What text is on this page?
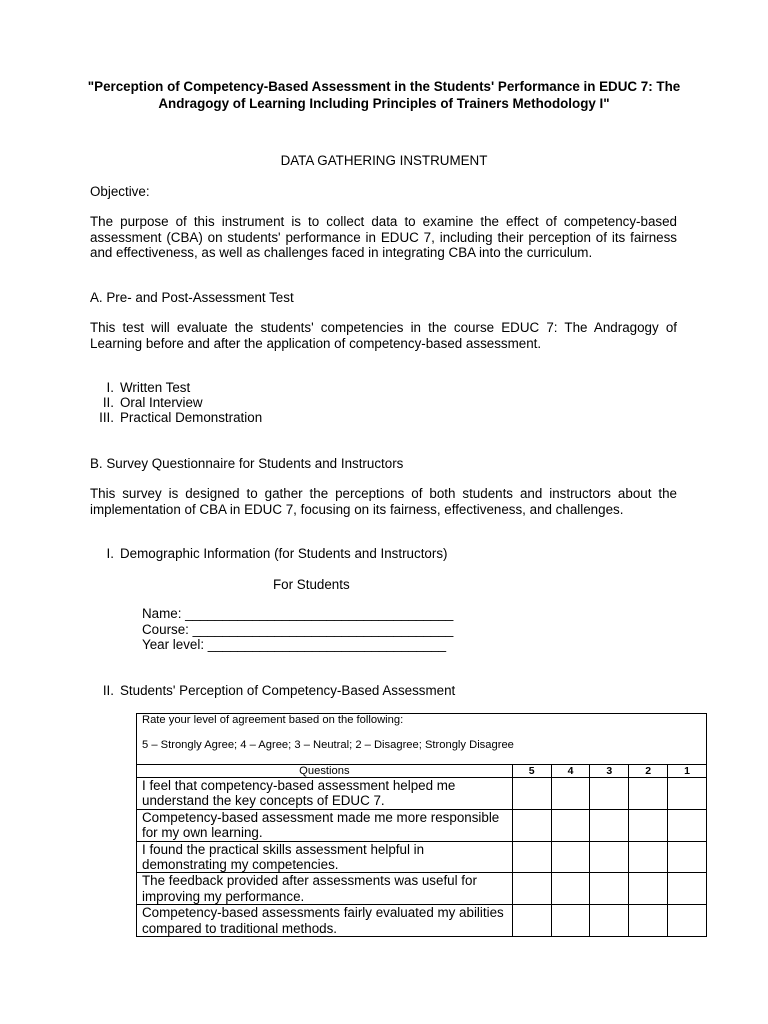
"Perception of Competency-Based Assessment in the Students' Performance in EDUC 7: The Andragogy of Learning Including Principles of Trainers Methodology I"
DATA GATHERING INSTRUMENT
Objective:
The purpose of this instrument is to collect data to examine the effect of competency-based assessment (CBA) on students' performance in EDUC 7, including their perception of its fairness and effectiveness, as well as challenges faced in integrating CBA into the curriculum.
A. Pre- and Post-Assessment Test
This test will evaluate the students' competencies in the course EDUC 7: The Andragogy of Learning before and after the application of competency-based assessment.
I. Written Test
II. Oral Interview
III. Practical Demonstration
B. Survey Questionnaire for Students and Instructors
This survey is designed to gather the perceptions of both students and instructors about the implementation of CBA in EDUC 7, focusing on its fairness, effectiveness, and challenges.
I. Demographic Information (for Students and Instructors)
For Students
Name: ____________________________________
Course: ___________________________________
Year level: ________________________________
II. Students' Perception of Competency-Based Assessment
Rate your level of agreement based on the following:
5 – Strongly Agree; 4 – Agree; 3 – Neutral; 2 – Disagree; Strongly Disagree					

Questions	5	4	3	2	1
I feel that competency-based assessment helped me understand the key concepts of EDUC 7.					
Competency-based assessment made me more responsible for my own learning.					
I found the practical skills assessment helpful in demonstrating my competencies.					
The feedback provided after assessments was useful for improving my performance.					
Competency-based assessments fairly evaluated my abilities compared to traditional methods.					
